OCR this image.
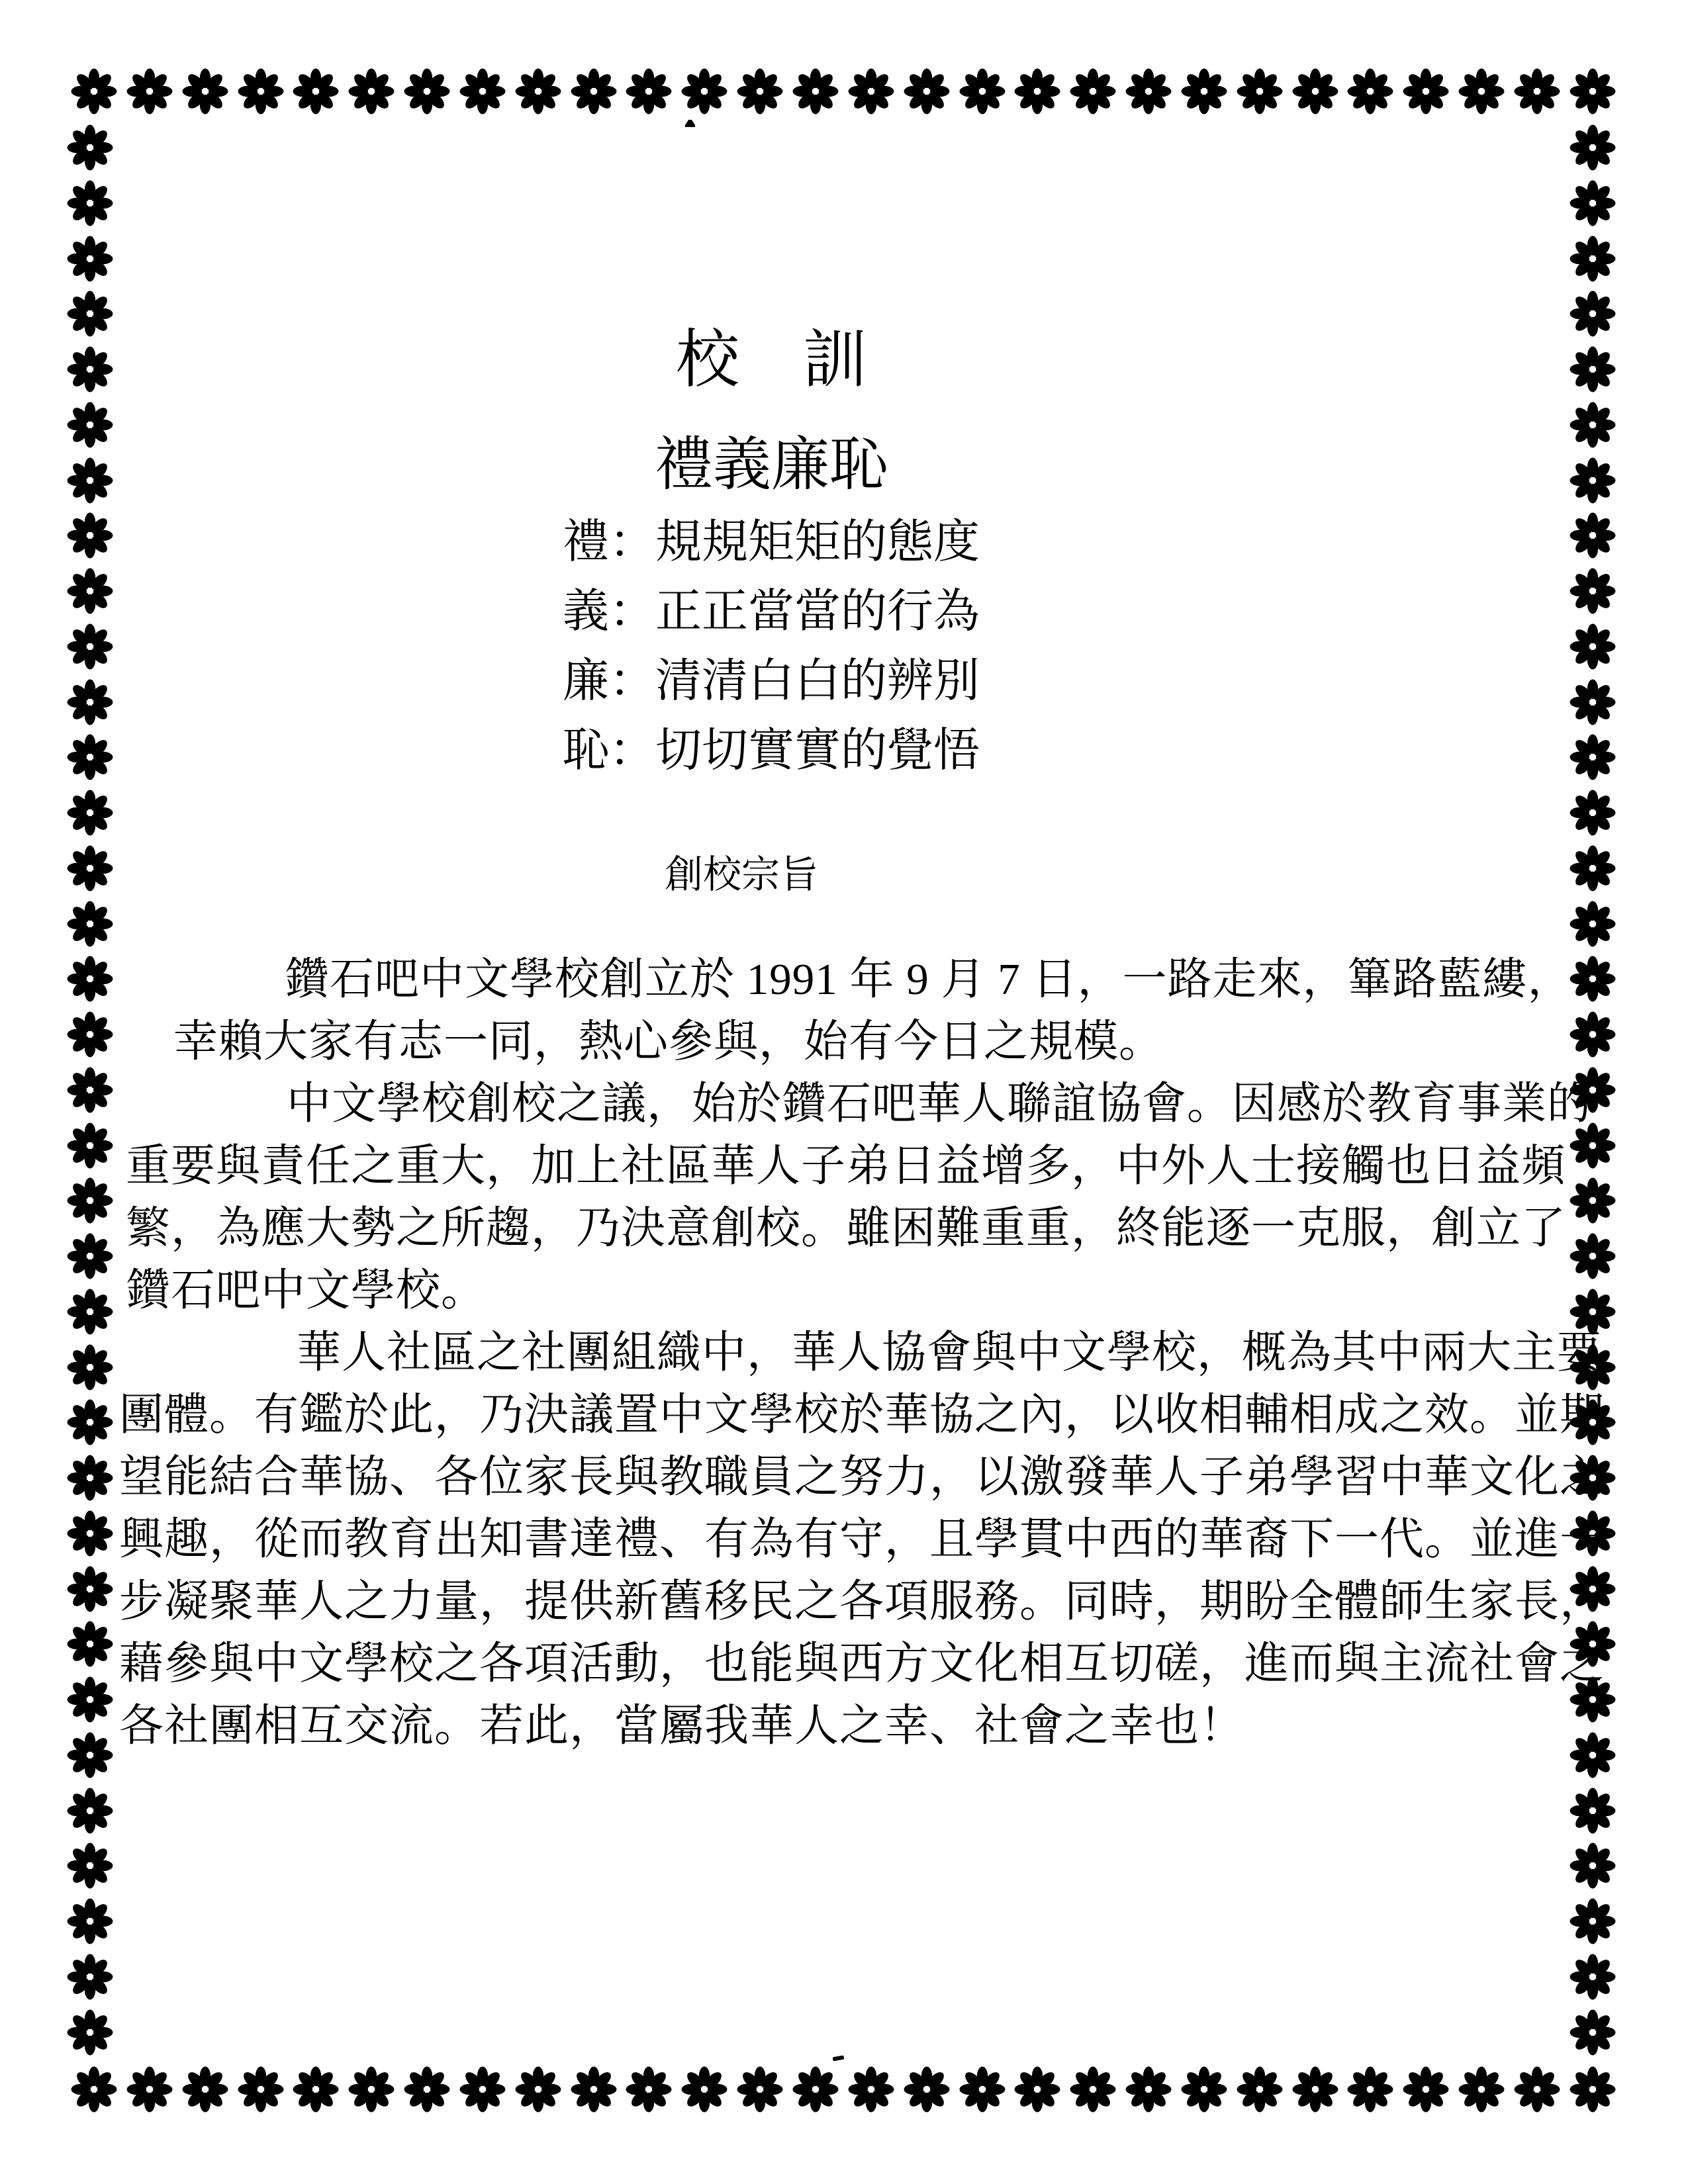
校　訓
禮義廉恥
禮：規規矩矩的態度
義：正正當當的行為
廉：清清白白的辨別
恥：切切實實的覺悟
創校宗旨
鑽石吧中文學校創立於 1991 年 9 月 7 日，一路走來，篳路藍縷，
幸賴大家有志一同，熱心參與，始有今日之規模。
中文學校創校之議，始於鑽石吧華人聯誼協會。因感於教育事業的
重要與責任之重大，加上社區華人子弟日益增多，中外人士接觸也日益頻
繁，為應大勢之所趨，乃決意創校。雖困難重重，終能逐一克服，創立了
鑽石吧中文學校。
華人社區之社團組織中，華人協會與中文學校，概為其中兩大主要
團體。有鑑於此，乃決議置中文學校於華協之內，以收相輔相成之效。並期
望能結合華協、各位家長與教職員之努力，以激發華人子弟學習中華文化之
興趣，從而教育出知書達禮、有為有守，且學貫中西的華裔下一代。並進一
步凝聚華人之力量，提供新舊移民之各項服務。同時，期盼全體師生家長，
藉參與中文學校之各項活動，也能與西方文化相互切磋，進而與主流社會之
各社團相互交流。若此，當屬我華人之幸、社會之幸也！
